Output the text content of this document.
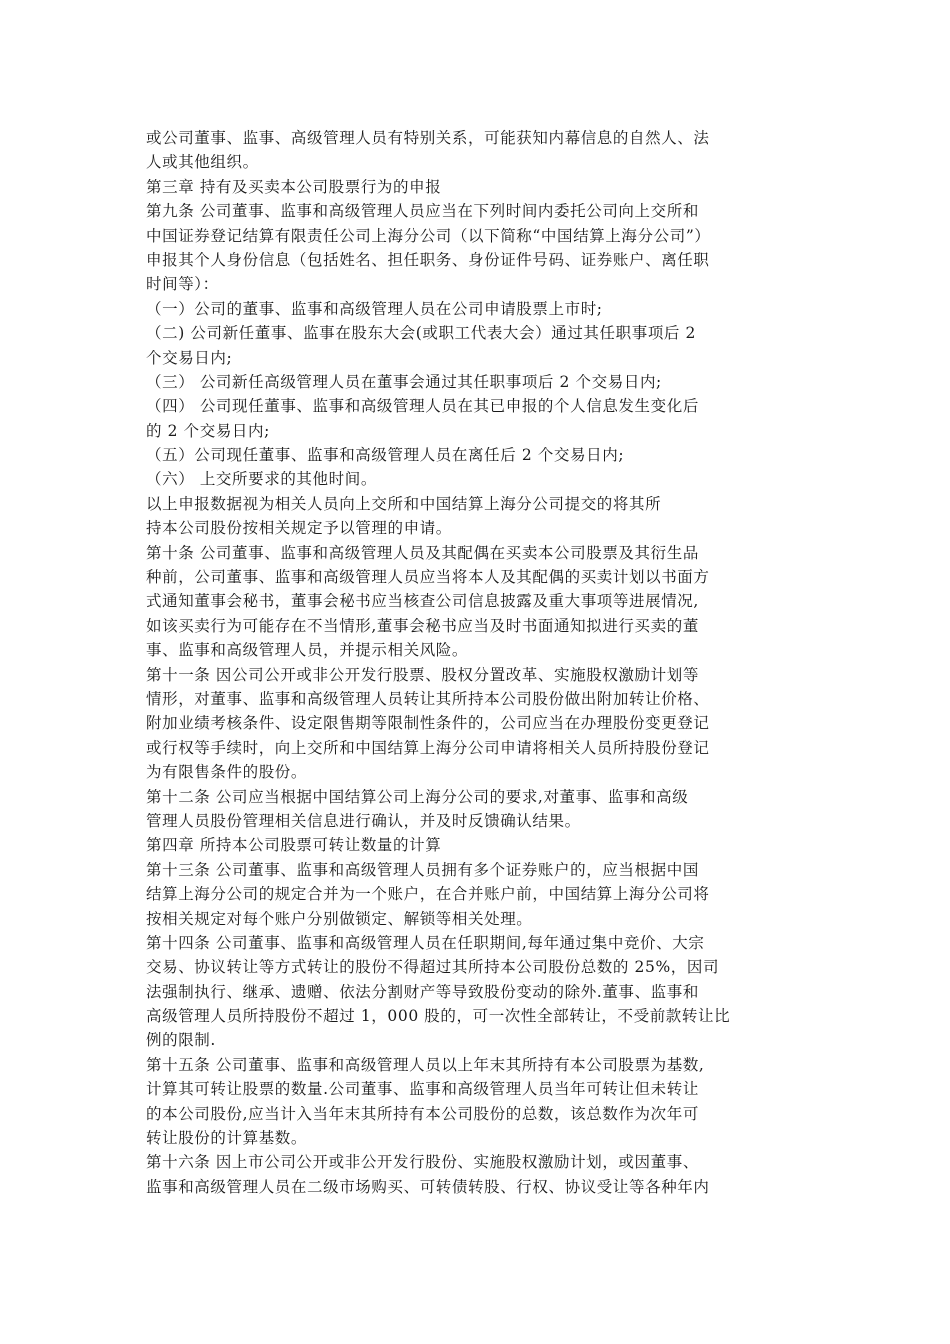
或公司董事、监事、高级管理人员有特别关系，可能获知内幕信息的自然人、法
人或其他组织。
第三章 持有及买卖本公司股票行为的申报
第九条 公司董事、监事和高级管理人员应当在下列时间内委托公司向上交所和
中国证券登记结算有限责任公司上海分公司（以下简称“中国结算上海分公司”）
申报其个人身份信息（包括姓名、担任职务、身份证件号码、证券账户、离任职
时间等）：
（一）公司的董事、监事和高级管理人员在公司申请股票上市时;
（二) 公司新任董事、监事在股东大会(或职工代表大会）通过其任职事项后 2
个交易日内;
（三） 公司新任高级管理人员在董事会通过其任职事项后 2 个交易日内;
（四） 公司现任董事、监事和高级管理人员在其已申报的个人信息发生变化后
的 2 个交易日内;
（五）公司现任董事、监事和高级管理人员在离任后 2 个交易日内;
（六） 上交所要求的其他时间。
以上申报数据视为相关人员向上交所和中国结算上海分公司提交的将其所
持本公司股份按相关规定予以管理的申请。
第十条 公司董事、监事和高级管理人员及其配偶在买卖本公司股票及其衍生品
种前，公司董事、监事和高级管理人员应当将本人及其配偶的买卖计划以书面方
式通知董事会秘书，董事会秘书应当核查公司信息披露及重大事项等进展情况,
如该买卖行为可能存在不当情形,董事会秘书应当及时书面通知拟进行买卖的董
事、监事和高级管理人员，并提示相关风险。
第十一条 因公司公开或非公开发行股票、股权分置改革、实施股权激励计划等
情形，对董事、监事和高级管理人员转让其所持本公司股份做出附加转让价格、
附加业绩考核条件、设定限售期等限制性条件的，公司应当在办理股份变更登记
或行权等手续时，向上交所和中国结算上海分公司申请将相关人员所持股份登记
为有限售条件的股份。
第十二条 公司应当根据中国结算公司上海分公司的要求,对董事、监事和高级
管理人员股份管理相关信息进行确认，并及时反馈确认结果。
第四章 所持本公司股票可转让数量的计算
第十三条 公司董事、监事和高级管理人员拥有多个证券账户的，应当根据中国
结算上海分公司的规定合并为一个账户，在合并账户前，中国结算上海分公司将
按相关规定对每个账户分别做锁定、解锁等相关处理。
第十四条 公司董事、监事和高级管理人员在任职期间,每年通过集中竞价、大宗
交易、协议转让等方式转让的股份不得超过其所持本公司股份总数的 25%，因司
法强制执行、继承、遗赠、依法分割财产等导致股份变动的除外.董事、监事和
高级管理人员所持股份不超过 1，000 股的，可一次性全部转让，不受前款转让比
例的限制.
第十五条 公司董事、监事和高级管理人员以上年末其所持有本公司股票为基数,
计算其可转让股票的数量.公司董事、监事和高级管理人员当年可转让但未转让
的本公司股份,应当计入当年末其所持有本公司股份的总数，该总数作为次年可
转让股份的计算基数。
第十六条 因上市公司公开或非公开发行股份、实施股权激励计划，或因董事、
监事和高级管理人员在二级市场购买、可转债转股、行权、协议受让等各种年内
